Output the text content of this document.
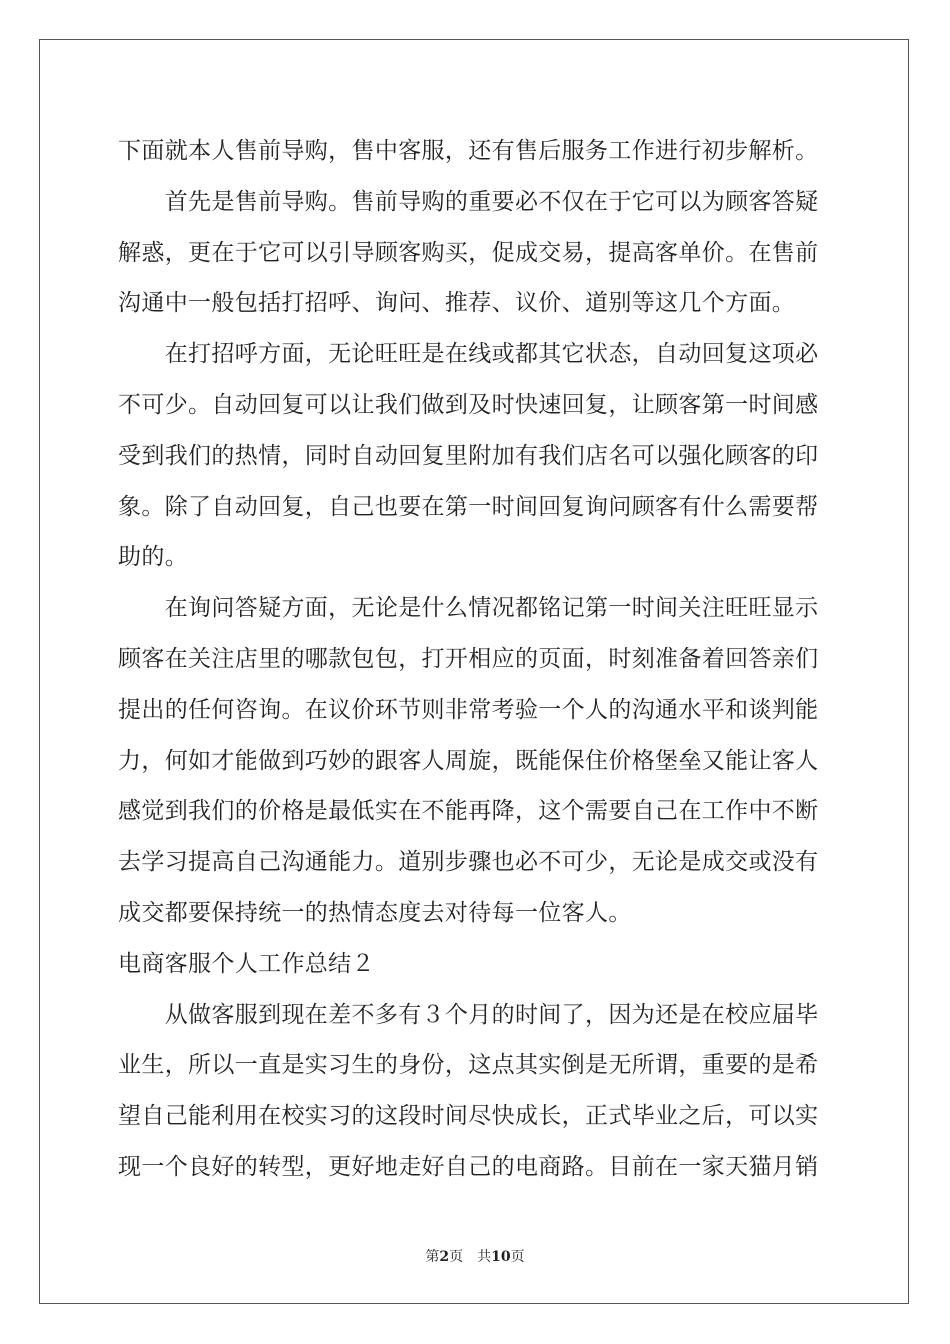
下面就本人售前导购，售中客服，还有售后服务工作进行初步解析。
　　首先是售前导购。售前导购的重要必不仅在于它可以为顾客答疑
解惑，更在于它可以引导顾客购买，促成交易，提高客单价。在售前
沟通中一般包括打招呼、询问、推荐、议价、道别等这几个方面。
　　在打招呼方面，无论旺旺是在线或都其它状态，自动回复这项必
不可少。自动回复可以让我们做到及时快速回复，让顾客第一时间感
受到我们的热情，同时自动回复里附加有我们店名可以强化顾客的印
象。除了自动回复，自己也要在第一时间回复询问顾客有什么需要帮
助的。
　　在询问答疑方面，无论是什么情况都铭记第一时间关注旺旺显示
顾客在关注店里的哪款包包，打开相应的页面，时刻准备着回答亲们
提出的任何咨询。在议价环节则非常考验一个人的沟通水平和谈判能
力，何如才能做到巧妙的跟客人周旋，既能保住价格堡垒又能让客人
感觉到我们的价格是最低实在不能再降，这个需要自己在工作中不断
去学习提高自己沟通能力。道别步骤也必不可少，无论是成交或没有
成交都要保持统一的热情态度去对待每一位客人。
电商客服个人工作总结２
　　从做客服到现在差不多有３个月的时间了，因为还是在校应届毕
业生，所以一直是实习生的身份，这点其实倒是无所谓，重要的是希
望自己能利用在校实习的这段时间尽快成长，正式毕业之后，可以实
现一个良好的转型，更好地走好自己的电商路。目前在一家天猫月销
第2页　共10页
